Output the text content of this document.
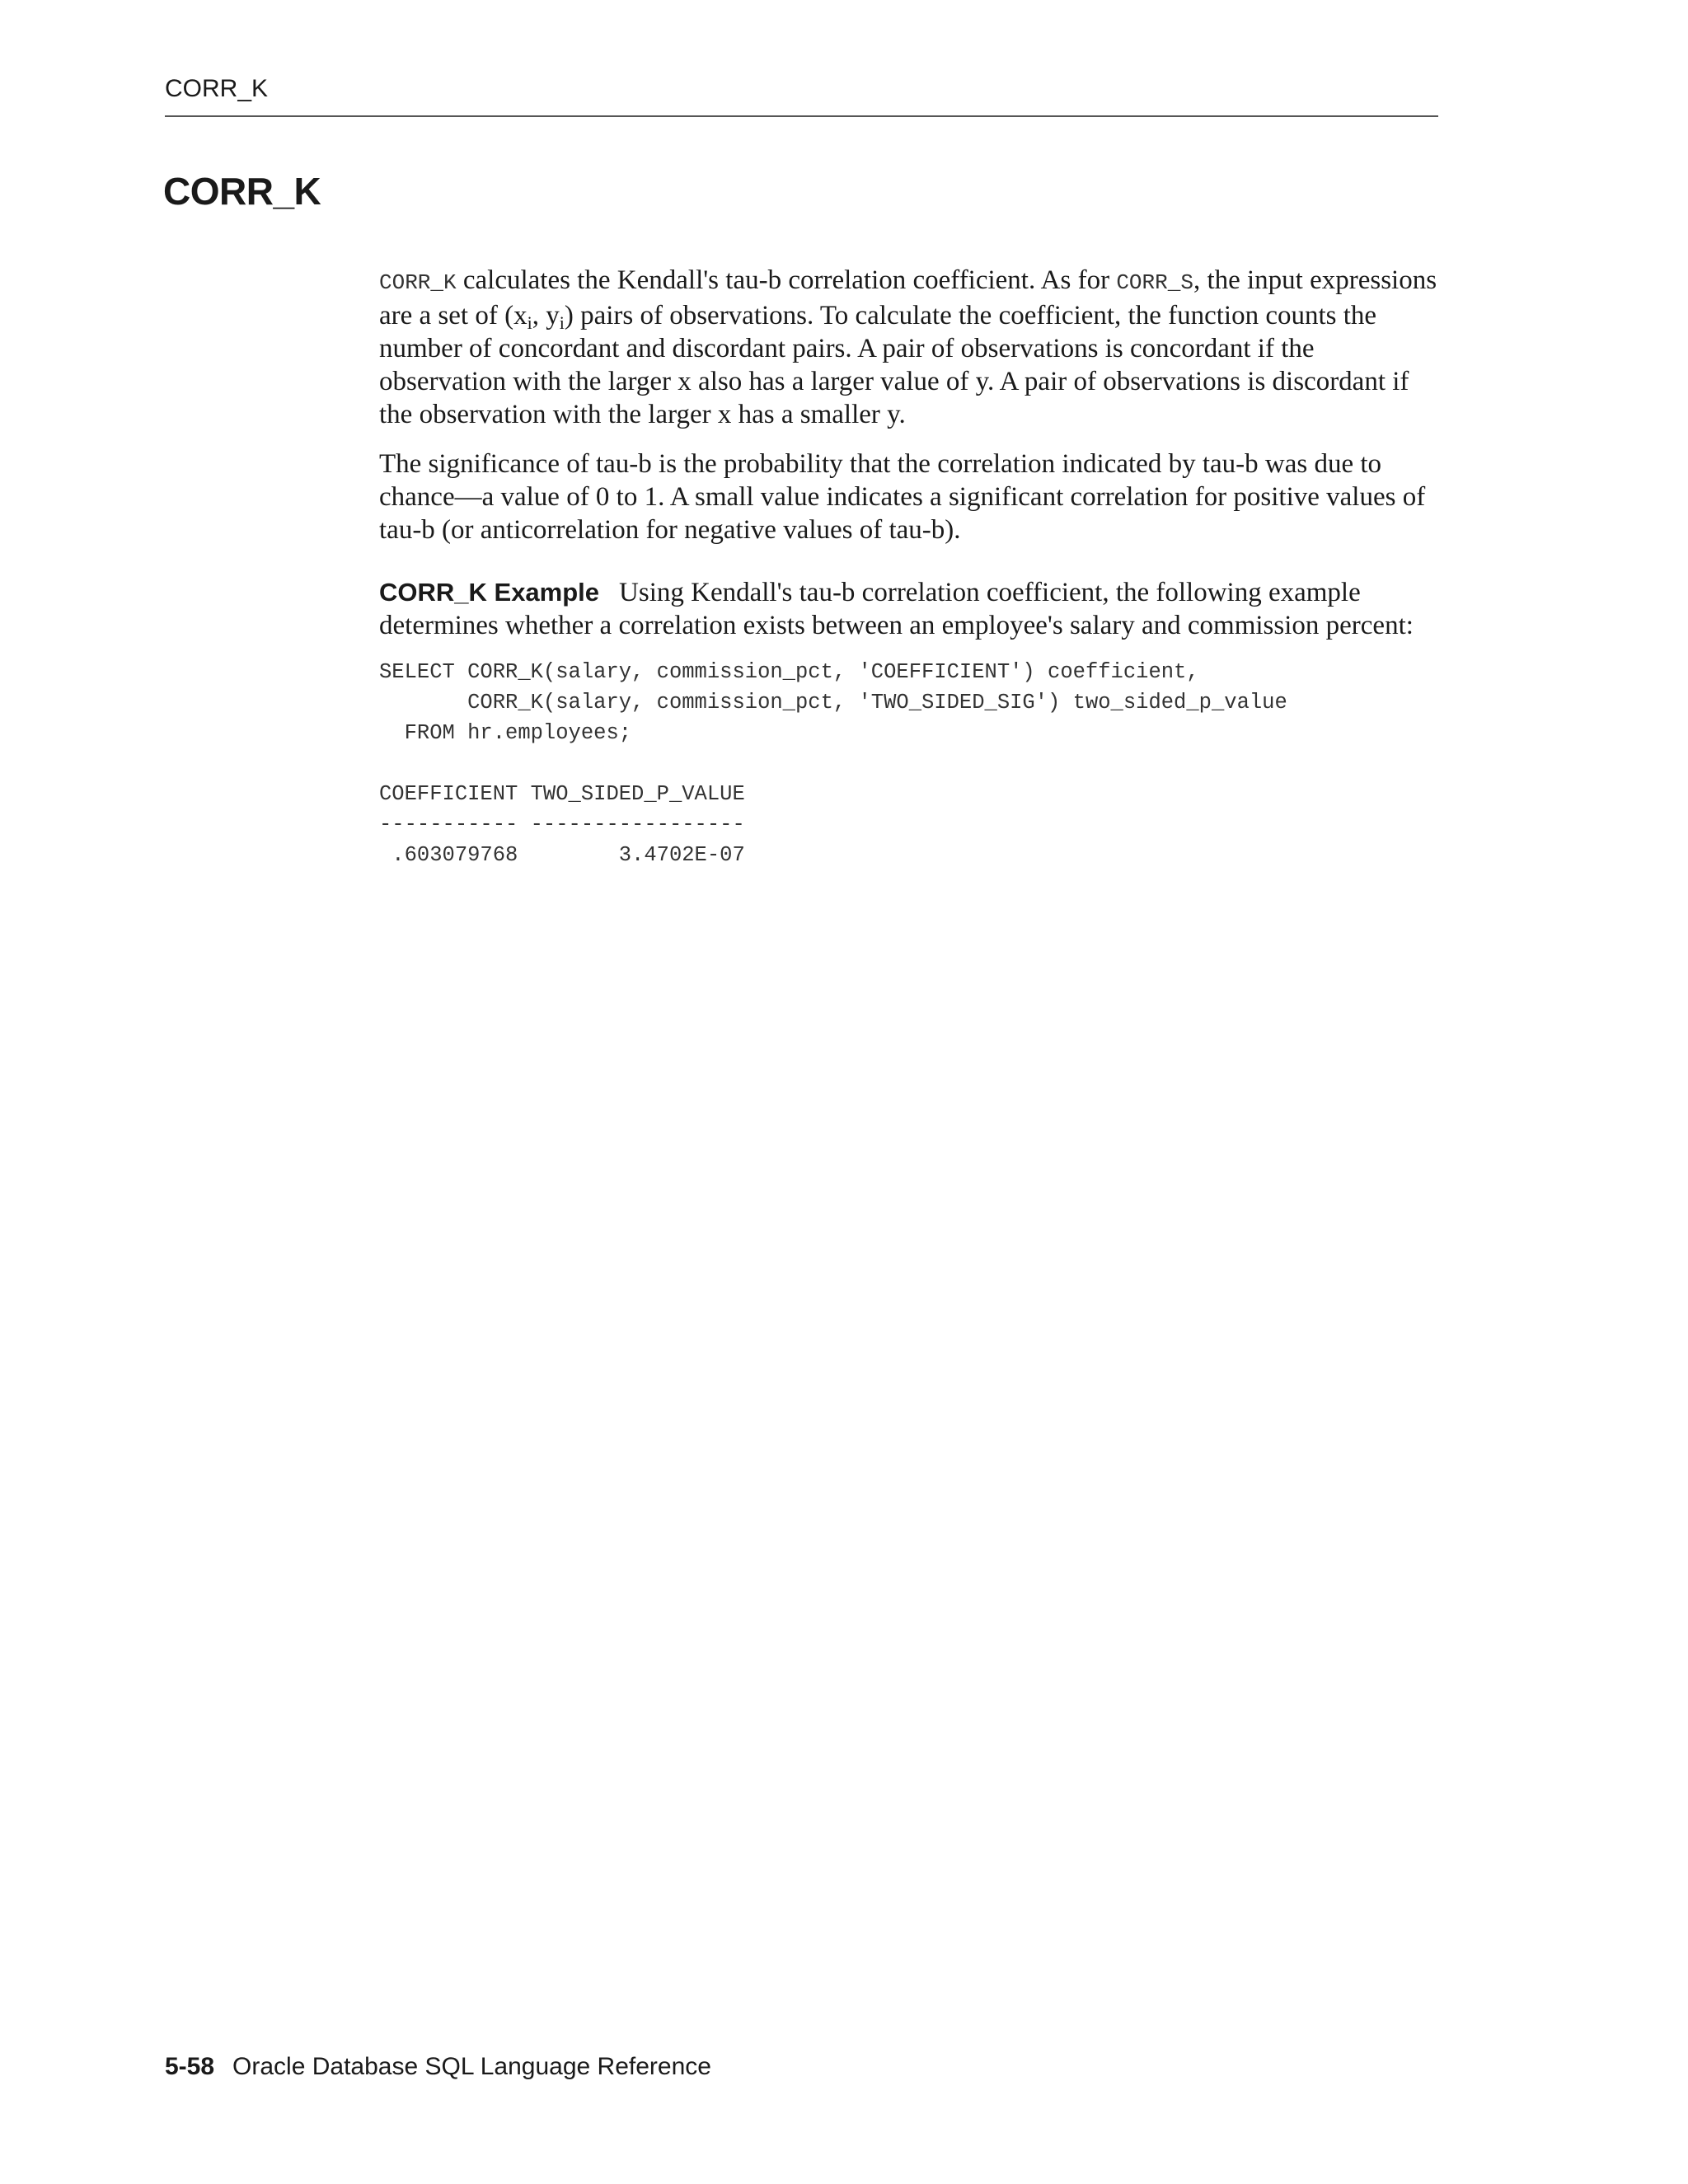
CORR_K
CORR_K

CORR_K calculates the Kendall's tau-b correlation coefficient. As for CORR_S, the input expressions are a set of ($x_i$, $y_i$) pairs of observations. To calculate the coefficient, the function counts the number of concordant and discordant pairs. A pair of observations is concordant if the observation with the larger x also has a larger value of y. A pair of observations is discordant if the observation with the larger x has a smaller y.

The significance of tau-b is the probability that the correlation indicated by tau-b was due to chance—a value of 0 to 1. A small value indicates a significant correlation for positive values of tau-b (or anticorrelation for negative values of tau-b).

CORR_K Example Using Kendall's tau-b correlation coefficient, the following example determines whether a correlation exists between an employee's salary and commission percent:

SELECT CORR_K(salary, commission_pct, 'COEFFICIENT') coefficient,
CORR_K(salary, commission_pct, 'TWO_SIDED_SIG') two_sided_p_value
FROM hr.employees;

COEFFICIENT TWO_SIDED_P_VALUE
----------- -----------------
.603079768        3.4702E-07
5-58 Oracle Database SQL Language Reference
